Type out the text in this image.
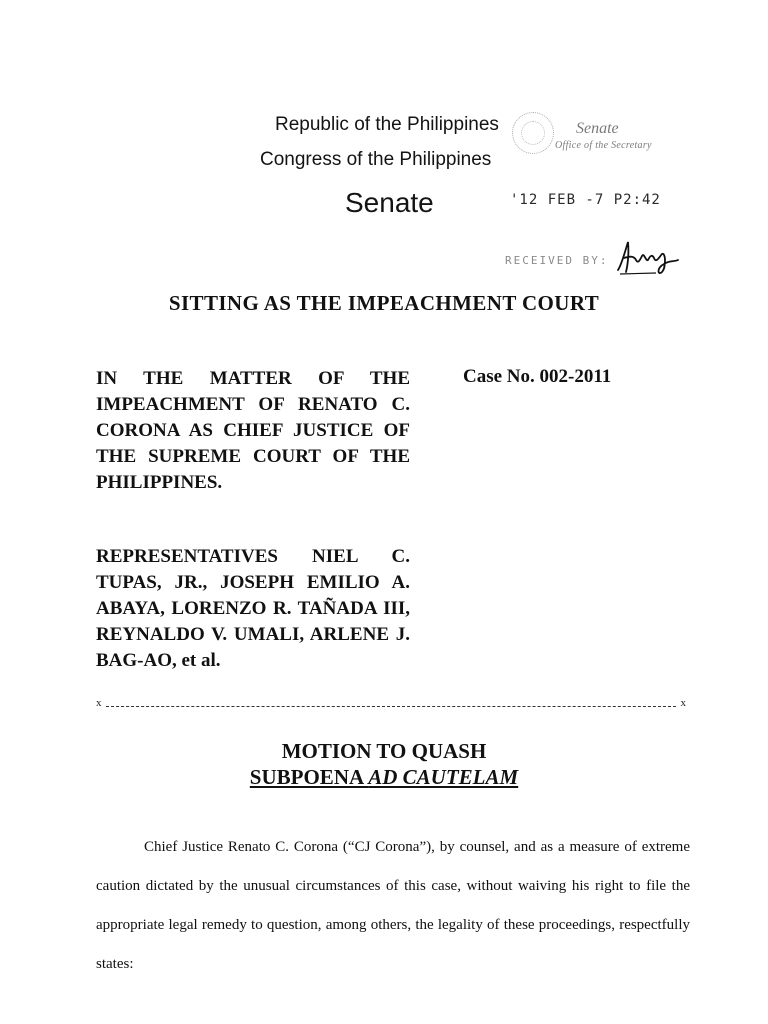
Republic of the Philippines
Congress of the Philippines
Senate
Senate
Office of the Secretary
'12 FEB -7 P2:42
RECEIVED BY:
SITTING AS THE IMPEACHMENT COURT
IN THE MATTER OF THE IMPEACHMENT OF RENATO C. CORONA AS CHIEF JUSTICE OF THE SUPREME COURT OF THE PHILIPPINES.
Case No. 002-2011
REPRESENTATIVES NIEL C. TUPAS, JR., JOSEPH EMILIO A. ABAYA, LORENZO R. TAÑADA III, REYNALDO V. UMALI, ARLENE J. BAG-AO, et al.
x	x
MOTION TO QUASH
SUBPOENA AD CAUTELAM
Chief Justice Renato C. Corona (“CJ Corona”), by counsel, and as a measure of extreme caution dictated by the unusual circumstances of this case, without waiving his right to file the appropriate legal remedy to question, among others, the legality of these proceedings, respectfully states:
